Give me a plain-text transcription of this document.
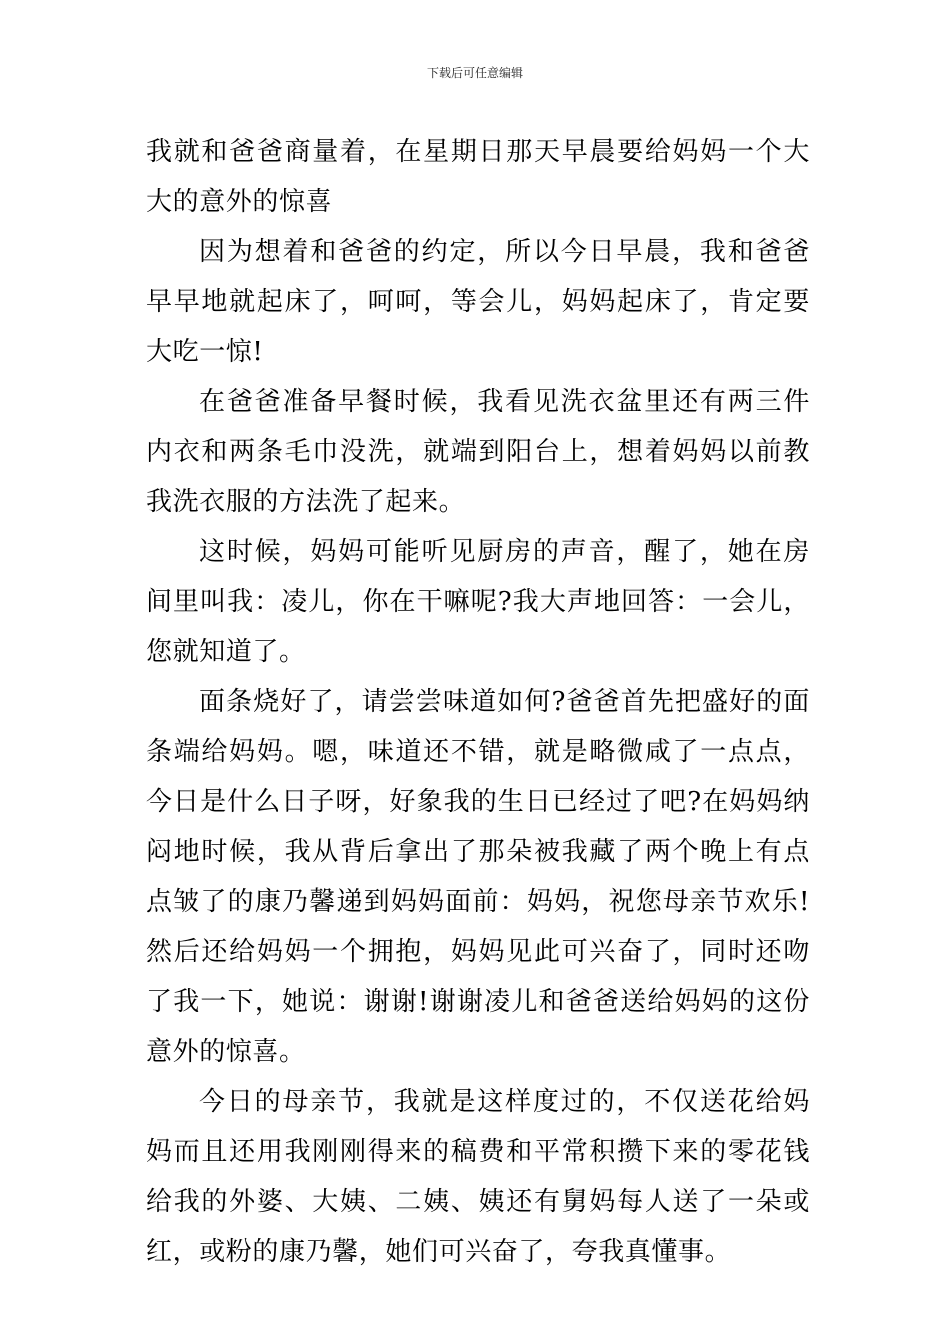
下载后可任意编辑

我就和爸爸商量着，在星期日那天早晨要给妈妈一个大大的意外的惊喜

因为想着和爸爸的约定，所以今日早晨，我和爸爸早早地就起床了，呵呵，等会儿，妈妈起床了，肯定要大吃一惊!

在爸爸准备早餐时候，我看见洗衣盆里还有两三件内衣和两条毛巾没洗，就端到阳台上，想着妈妈以前教我洗衣服的方法洗了起来。

这时候，妈妈可能听见厨房的声音，醒了，她在房间里叫我：凌儿，你在干嘛呢?我大声地回答：一会儿，您就知道了。

面条烧好了，请尝尝味道如何?爸爸首先把盛好的面条端给妈妈。嗯，味道还不错，就是略微咸了一点点，今日是什么日子呀，好象我的生日已经过了吧?在妈妈纳闷地时候，我从背后拿出了那朵被我藏了两个晚上有点点皱了的康乃馨递到妈妈面前：妈妈，祝您母亲节欢乐!然后还给妈妈一个拥抱，妈妈见此可兴奋了，同时还吻了我一下，她说：谢谢!谢谢凌儿和爸爸送给妈妈的这份意外的惊喜。

今日的母亲节，我就是这样度过的，不仅送花给妈妈而且还用我刚刚得来的稿费和平常积攒下来的零花钱给我的外婆、大姨、二姨、姨还有舅妈每人送了一朵或红，或粉的康乃馨，她们可兴奋了，夸我真懂事。
